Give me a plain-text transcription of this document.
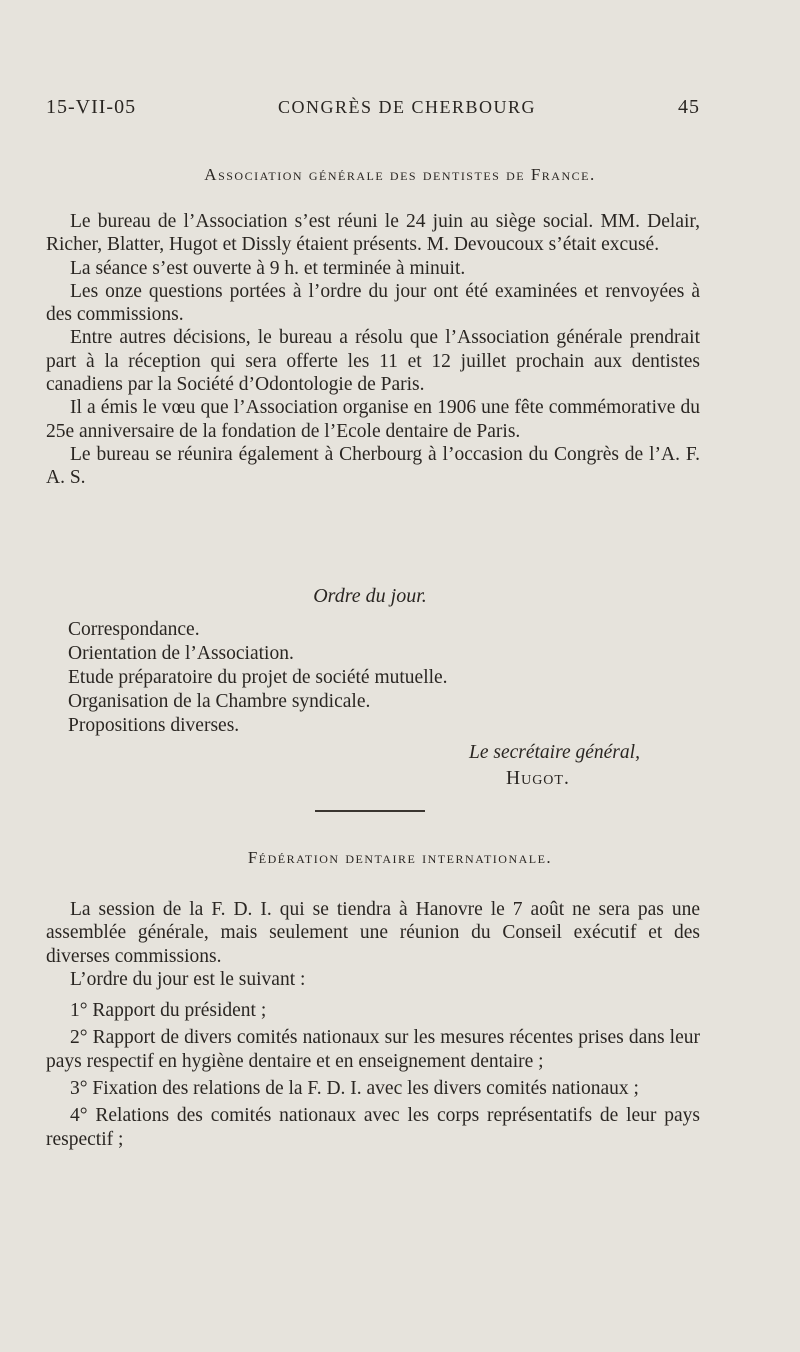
15-VII-05	CONGRÈS DE CHERBOURG	45
Association générale des dentistes de France.

Le bureau de l’Association s’est réuni le 24 juin au siège social. MM. Delair, Richer, Blatter, Hugot et Dissly étaient présents. M. Devoucoux s’était excusé.

La séance s’est ouverte à 9 h. et terminée à minuit.

Les onze questions portées à l’ordre du jour ont été examinées et renvoyées à des commissions.

Entre autres décisions, le bureau a résolu que l’Association générale prendrait part à la réception qui sera offerte les 11 et 12 juillet prochain aux dentistes canadiens par la Société d’Odontologie de Paris.

Il a émis le vœu que l’Association organise en 1906 une fête commémorative du 25e anniversaire de la fondation de l’Ecole dentaire de Paris.

Le bureau se réunira également à Cherbourg à l’occasion du Congrès de l’A. F. A. S.

Ordre du jour.
Correspondance.
Orientation de l’Association.
Etude préparatoire du projet de société mutuelle.
Organisation de la Chambre syndicale.
Propositions diverses.
Le secrétaire général,
Hugot.
Fédération dentaire internationale.

La session de la F. D. I. qui se tiendra à Hanovre le 7 août ne sera pas une assemblée générale, mais seulement une réunion du Conseil exécutif et des diverses commissions.

L’ordre du jour est le suivant :

1° Rapport du président ;

2° Rapport de divers comités nationaux sur les mesures récentes prises dans leur pays respectif en hygiène dentaire et en enseignement dentaire ;

3° Fixation des relations de la F. D. I. avec les divers comités nationaux ;

4° Relations des comités nationaux avec les corps représentatifs de leur pays respectif ;
